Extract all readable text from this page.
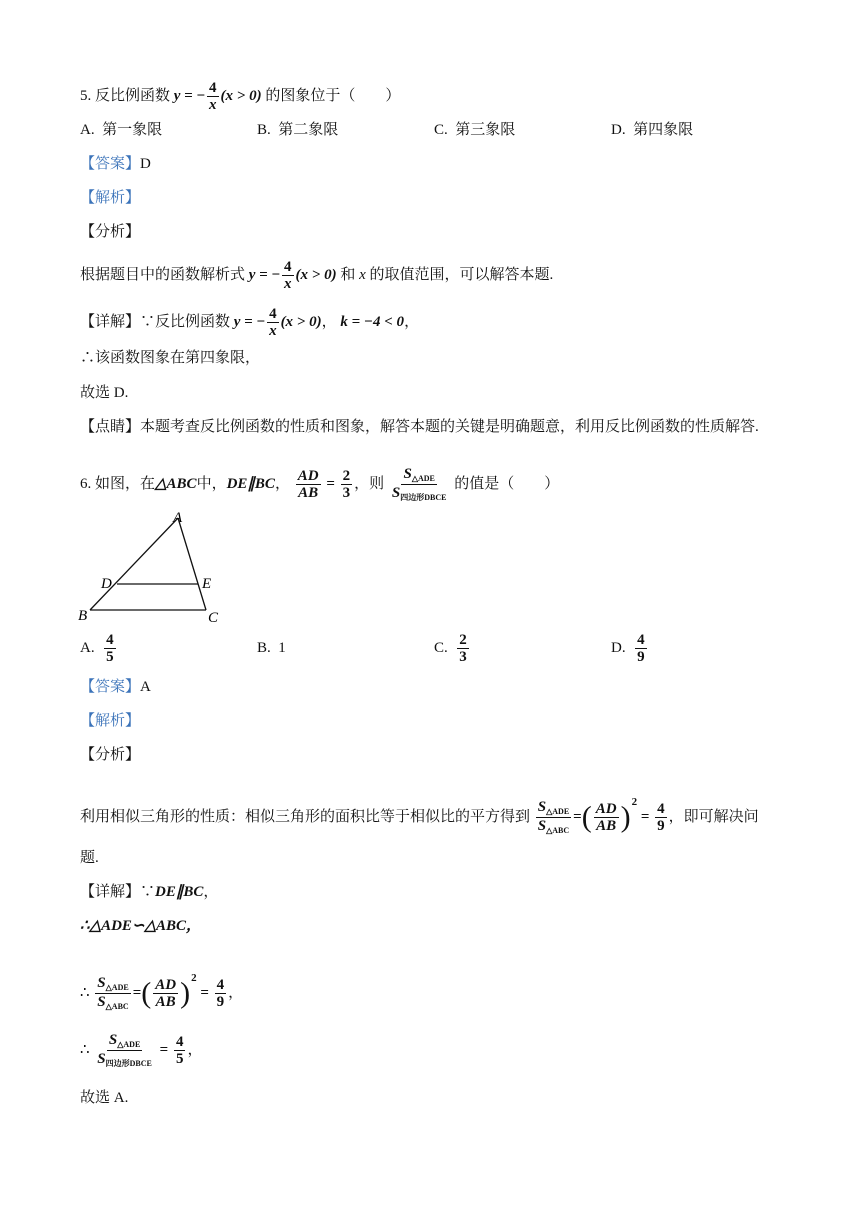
5. 反比例函数 y = − $\frac{4}{x} (x > 0)$ 的图象位于（　　）
A. 第一象限	B. 第二象限	C. 第三象限	D. 第四象限
【答案】D
【解析】
【分析】
根据题目中的函数解析式 y = − $\frac{4}{x} (x > 0)$ 和 x 的取值范围，可以解答本题.
【详解】∵反比例函数 y = − $\frac{4}{x} (x > 0)$， k = −4 < 0，
∴该函数图象在第四象限，
故选 D.
【点睛】本题考查反比例函数的性质和图象，解答本题的关键是明确题意，利用反比例函数的性质解答.
6. 如图，在△ABC中，DE∥BC， $\frac{AD}{AB} = \frac{2}{3}$ ，则 $\frac{S_{\triangle ADE}}{S_{四边形DBCE}}$ 的值是（　　）
A
D	E
B	C
A. $\frac{4}{5}$	B. 1	C. $\frac{2}{3}$	D. $\frac{4}{9}$
【答案】A
【解析】
【分析】
利用相似三角形的性质：相似三角形的面积比等于相似比的平方得到 $\frac{S_{\triangle ADE}}{S_{\triangle ABC}}$ =( $\frac{AD}{AB} )^2 = \frac{4}{9}$ ，即可解决问
题.
【详解】∵DE∥BC，
∴△ADE∽△ABC，
∴ $\frac{S_{\triangle ADE}}{S_{\triangle ABC}}$ =( $\frac{AD}{AB} )^2 = \frac{4}{9}$ ，
∴ $\frac{S_{\triangle ADE}}{S_{四边形DBCE}} = \frac{4}{5}$ ，
故选 A.
